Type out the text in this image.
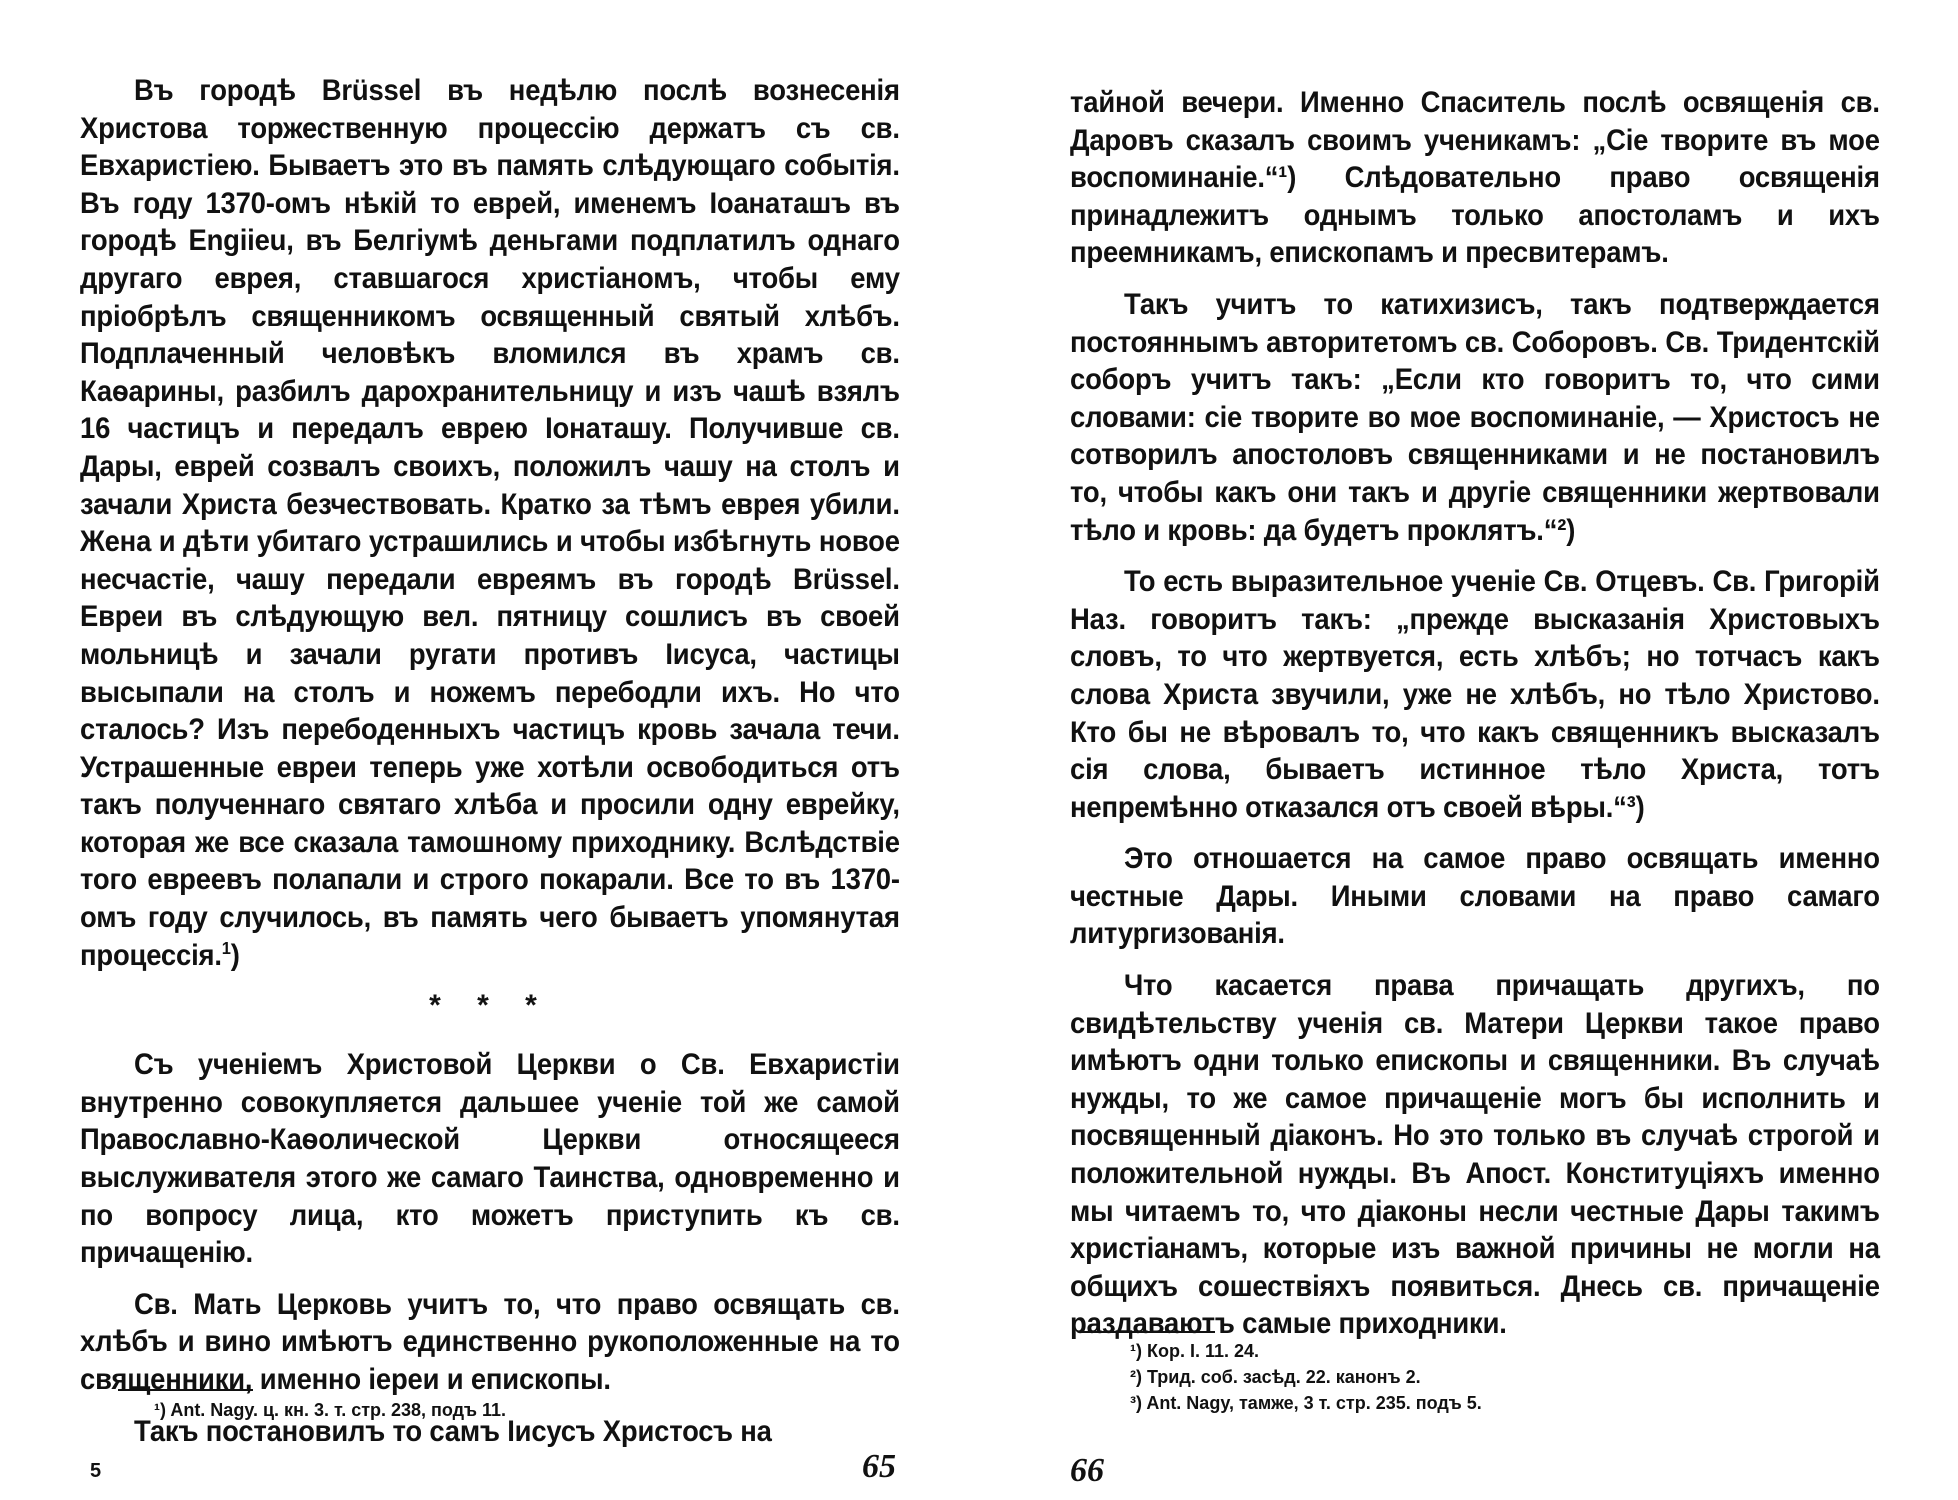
Въ городѣ Brüssel въ недѣлю послѣ вознесенія Христова торжественную процессію держатъ съ св. Евхаристіею. Бываетъ это въ память слѣдующаго событія. Въ году 1370-омъ нѣкій то еврей, именемъ Іоанаташъ въ городѣ Engiieu, въ Белгіумѣ деньгами подплатилъ однаго другаго еврея, ставшагося христіаномъ, чтобы ему пріобрѣлъ священникомъ освященный святый хлѣбъ. Подплаченный человѣкъ вломился въ храмъ св. Каѳарины, разбилъ дарохранительницу и изъ чашѣ взялъ 16 частицъ и передалъ еврею Іонаташу. Получивше св. Дары, еврей созвалъ своихъ, положилъ чашу на столъ и зачали Христа безчествовать. Кратко за тѣмъ еврея убили. Жена и дѣти убитаго устрашились и чтобы избѣгнуть новое несчастіе, чашу передали евреямъ въ городѣ Brüssel. Евреи въ слѣдующую вел. пятницу сошлисъ въ своей мольницѣ и зачали ругати противъ Іисуса, частицы высыпали на столъ и ножемъ перебодли ихъ. Но что сталось? Изъ перебоденныхъ частицъ кровь зачала течи. Устрашенные евреи теперь уже хотѣли освободиться отъ такъ полученнаго святаго хлѣба и просили одну еврейку, которая же все сказала тамошному приходнику. Вслѣдствіе того евреевъ полапали и строго покарали. Все то въ 1370-омъ году случилось, въ память чего бываетъ упомянутая процессія.$^1$)

* * *

Съ ученіемъ Христовой Церкви о Св. Евхаристіи внутренно совокупляется дальшее ученіе той же самой Православно-Каѳолической Церкви относящееся выслуживателя этого же самаго Таинства, одновременно и по вопросу лица, кто можетъ приступить къ св. причащенію.

Св. Мать Церковь учитъ то, что право освящать св. хлѣбъ и вино имѣютъ единственно рукоположенные на то священники, именно іереи и епископы.

Такъ постановилъ то самъ Іисусъ Христосъ на

¹) Ant. Nagy. ц. кн. 3. т. стр. 238, подъ 11.
5	65

тайной вечери. Именно Спаситель послѣ освященія св. Даровъ сказалъ своимъ ученикамъ: „Сіе творите въ мое воспоминаніе.“¹) Слѣдовательно право освященія принадлежитъ однымъ только апостоламъ и ихъ преемникамъ, епископамъ и пресвитерамъ.

Такъ учитъ то катихизисъ, такъ подтверждается постояннымъ авторитетомъ св. Соборовъ. Св. Тридентскій соборъ учитъ такъ: „Если кто говоритъ то, что сими словами: сіе творите во мое воспоминаніе, — Христосъ не сотворилъ апостоловъ священниками и не постановилъ то, чтобы какъ они такъ и другіе священники жертвовали тѣло и кровь: да будетъ проклятъ.“²)

То есть выразительное ученіе Св. Отцевъ. Св. Григорій Наз. говоритъ такъ: „прежде высказанія Христовыхъ словъ, то что жертвуется, есть хлѣбъ; но тотчасъ какъ слова Христа звучили, уже не хлѣбъ, но тѣло Христово. Кто бы не вѣровалъ то, что какъ священникъ высказалъ сія слова, бываетъ истинное тѣло Христа, тотъ непремѣнно отказался отъ своей вѣры.“³)

Это отношается на самое право освящать именно честные Дары. Иными словами на право самаго литургизованія.

Что касается права причащать другихъ, по свидѣтельству ученія св. Матери Церкви такое право имѣютъ одни только епископы и священники. Въ случаѣ нужды, то же самое причащеніе могъ бы исполнить и посвященный діаконъ. Но это только въ случаѣ строгой и положительной нужды. Въ Апост. Конституціяхъ именно мы читаемъ то, что діаконы несли честные Дары такимъ христіанамъ, которые изъ важной причины не могли на общихъ сошествіяхъ появиться. Днесь св. причащеніе раздаваютъ самые приходники.

¹) Кор. I. 11. 24.
²) Трид. соб. засѣд. 22. канонъ 2.
³) Ant. Nagy, тамже, 3 т. стр. 235. подъ 5.
66
